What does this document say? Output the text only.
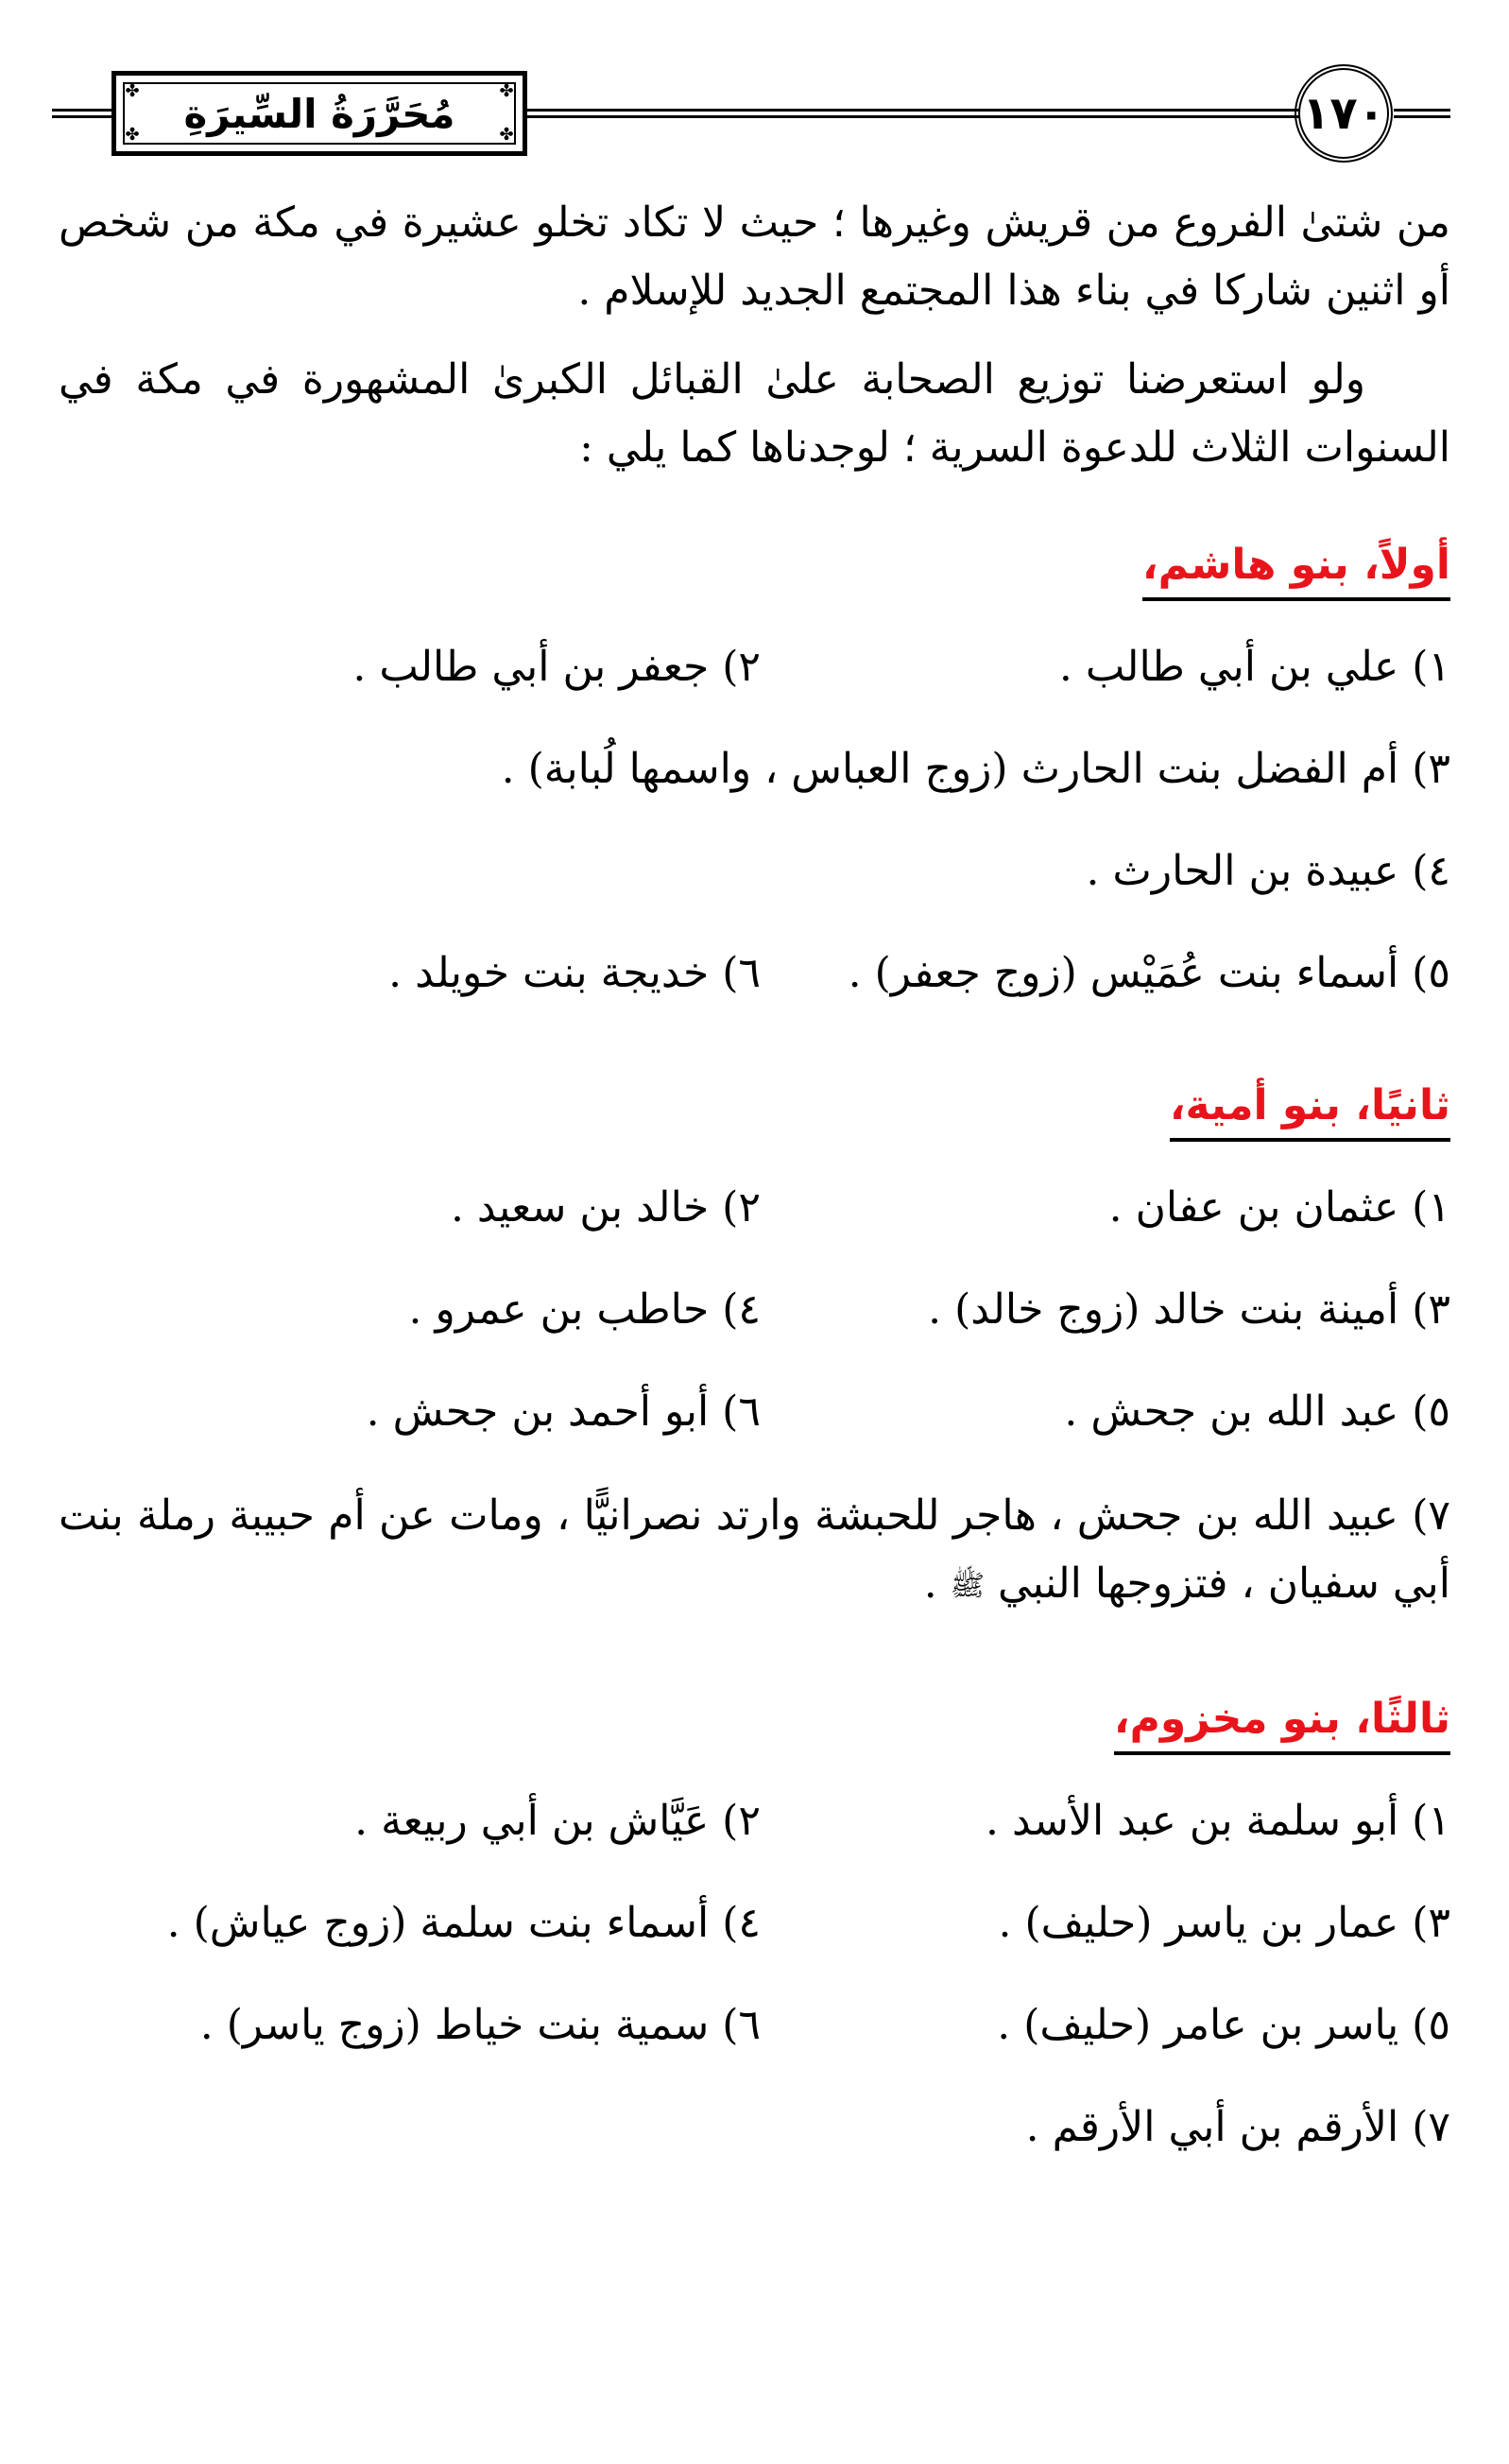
✤	✤
✤	✤
مُحَرَّرَةُ السِّيرَةِ	١٧٠

من شتىٰ الفروع من قريش وغيرها ؛ حيث لا تكاد تخلو عشيرة في مكة من شخص أو اثنين شاركا في بناء هذا المجتمع الجديد للإسلام .

ولو استعرضنا توزيع الصحابة علىٰ القبائل الكبرىٰ المشهورة في مكة في السنوات الثلاث للدعوة السرية ؛ لوجدناها كما يلي :

أولاً، بنو هاشم،
١) علي بن أبي طالب .
٢) جعفر بن أبي طالب .
٣) أم الفضل بنت الحارث (زوج العباس ، واسمها لُبابة) .
٤) عبيدة بن الحارث .
٥) أسماء بنت عُمَيْس (زوج جعفر) .
٦) خديجة بنت خويلد .
ثانيًا، بنو أمية،
١) عثمان بن عفان .
٢) خالد بن سعيد .
٣) أمينة بنت خالد (زوج خالد) .
٤) حاطب بن عمرو .
٥) عبد الله بن جحش .
٦) أبو أحمد بن جحش .
٧) عبيد الله بن جحش ، هاجر للحبشة وارتد نصرانيًّا ، ومات عن أم حبيبة رملة بنت أبي سفيان ، فتزوجها النبي ﷺ .
ثالثًا، بنو مخزوم،
١) أبو سلمة بن عبد الأسد .
٢) عَيَّاش بن أبي ربيعة .
٣) عمار بن ياسر (حليف) .
٤) أسماء بنت سلمة (زوج عياش) .
٥) ياسر بن عامر (حليف) .
٦) سمية بنت خياط (زوج ياسر) .
٧) الأرقم بن أبي الأرقم .
